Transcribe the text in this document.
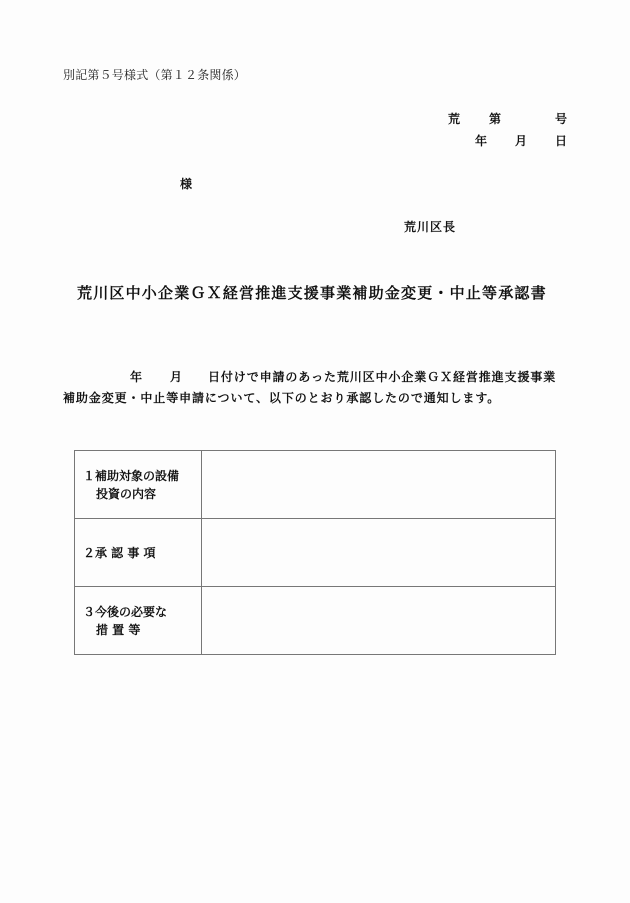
別記第５号様式（第１２条関係）
荒 第	号
年 月 日
様
荒川区長
荒川区中小企業ＧＸ経営推進支援事業補助金変更・中止等承認書
年 月 日付けで申請のあった荒川区中小企業ＧＸ経営推進支援事業
補助金変更・中止等申請について、以下のとおり承認したので通知します。
１補助対象の設備
投資の内容	

２承 認 事 項	

３今後の必要な
措 置 等	
